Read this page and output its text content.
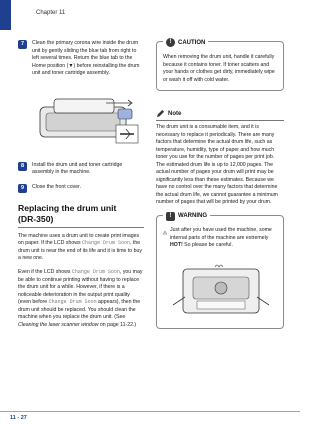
Chapter 11
7	Clean the primary corona wire inside the drum unit by gently sliding the blue tab from right to left several times. Return the blue tab to the Home position (▼) before reinstalling the drum unit and toner cartridge assembly.
8	Install the drum unit and toner cartridge assembly in the machine.
9	Close the front cover.
Replacing the drum unit
(DR-350)

The machine uses a drum unit to create print images on paper. If the LCD shows Change Drum Soon, the drum unit is near the end of its life and it is time to buy a new one.

Even if the LCD shows Change Drum Soon, you may be able to continue printing without having to replace the drum unit for a while. However, if there is a noticeable deterioration in the output print quality (even before Change Drum Soon appears), then the drum unit should be replaced. You should clean the machine when you replace the drum unit. (See Cleaning the laser scanner window on page 11-22.)

!	CAUTION

When removing the drum unit, handle it carefully because it contains toner. If toner scatters and your hands or clothes get dirty, immediately wipe or wash it off with cold water.

Note

The drum unit is a consumable item, and it is necessary to replace it periodically. There are many factors that determine the actual drum life, such as temperature, humidity, type of paper and how much toner you use for the number of pages per print job. The estimated drum life is up to 12,000 pages. The actual number of pages your drum will print may be significantly less than these estimates. Because we have no control over the many factors that determine the actual drum life, we cannot guarantee a minimum number of pages that will be printed by your drum.

!	WARNING

Just after you have used the machine, some internal parts of the machine are extremely HOT! So please be careful.

11 - 27
